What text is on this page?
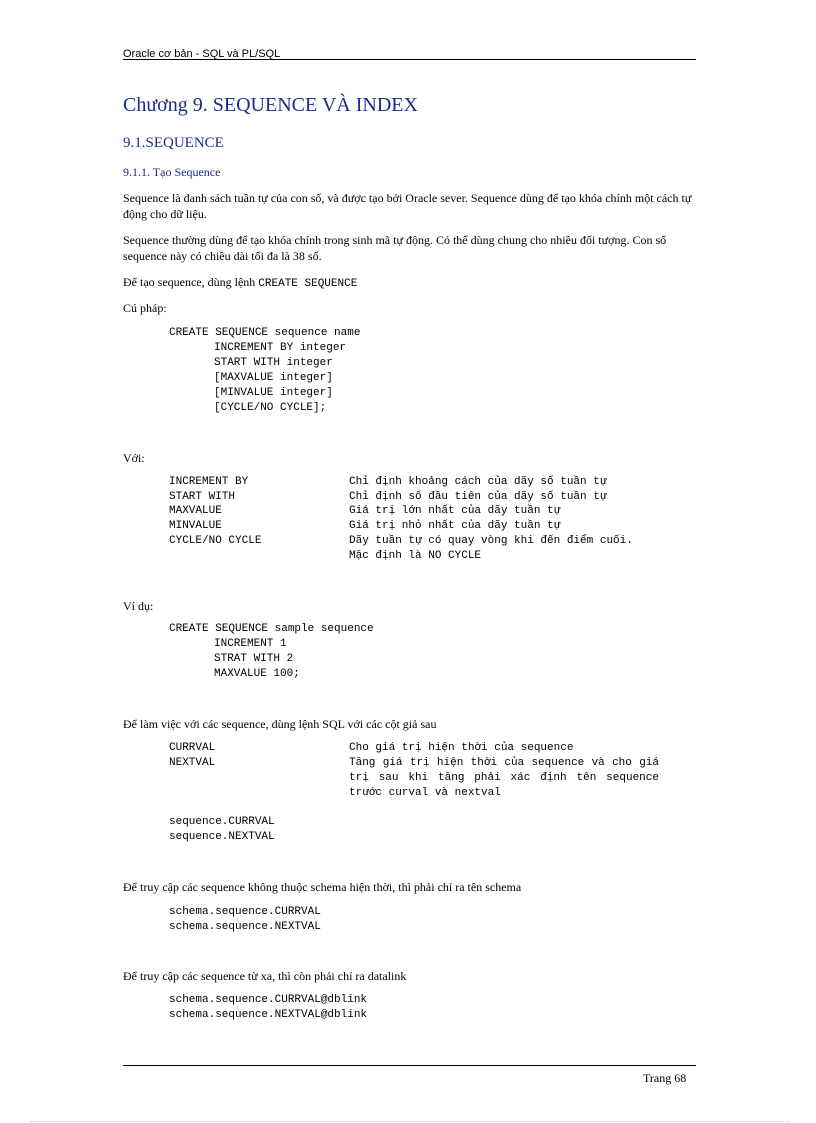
Oracle cơ bản - SQL và PL/SQL
Chương 9. SEQUENCE VÀ INDEX
9.1.SEQUENCE
9.1.1. Tạo Sequence
Sequence là danh sách tuần tự của con số, và được tạo bởi Oracle sever. Sequence dùng để tạo khóa chính một cách tự động cho dữ liệu.
Sequence thường dùng để tạo khóa chính trong sinh mã tự động. Có thể dùng chung cho nhiều đối tượng. Con số sequence này có chiều dài tối đa là 38 số.
Để tạo sequence, dùng lệnh CREATE SEQUENCE
Cú pháp:
CREATE SEQUENCE sequence name

INCREMENT BY integer
START WITH integer
[MAXVALUE integer]
[MINVALUE integer]
[CYCLE/NO CYCLE];
Với:
INCREMENT BY	Chỉ định khoảng cách của dãy số tuần tự
START WITH	Chỉ định số đầu tiên của dãy số tuần tự
MAXVALUE	Giá trị lớn nhất của dãy tuần tự
MINVALUE	Giá trị nhỏ nhất của dãy tuần tự
CYCLE/NO CYCLE	Dãy tuần tự có quay vòng khi đến điểm cuối.
Mặc định là NO CYCLE
Ví dụ:
CREATE SEQUENCE sample sequence

INCREMENT 1
STRAT WITH 2
MAXVALUE 100;
Để làm việc với các sequence, dùng lệnh SQL với các cột giả sau
CURRVAL	Cho giá trị hiện thời của sequence
NEXTVAL	Tăng giá trị hiện thời của sequence và cho giá trị sau khi tăng phải xác định tên sequence trước curval và nextval
sequence.CURRVAL
sequence.NEXTVAL
Để truy cập các sequence không thuộc schema hiện thời, thì phải chỉ ra tên schema
schema.sequence.CURRVAL
schema.sequence.NEXTVAL
Để truy cập các sequence từ xa, thì còn phải chỉ ra datalink
schema.sequence.CURRVAL@dblink
schema.sequence.NEXTVAL@dblink
Trang 68
